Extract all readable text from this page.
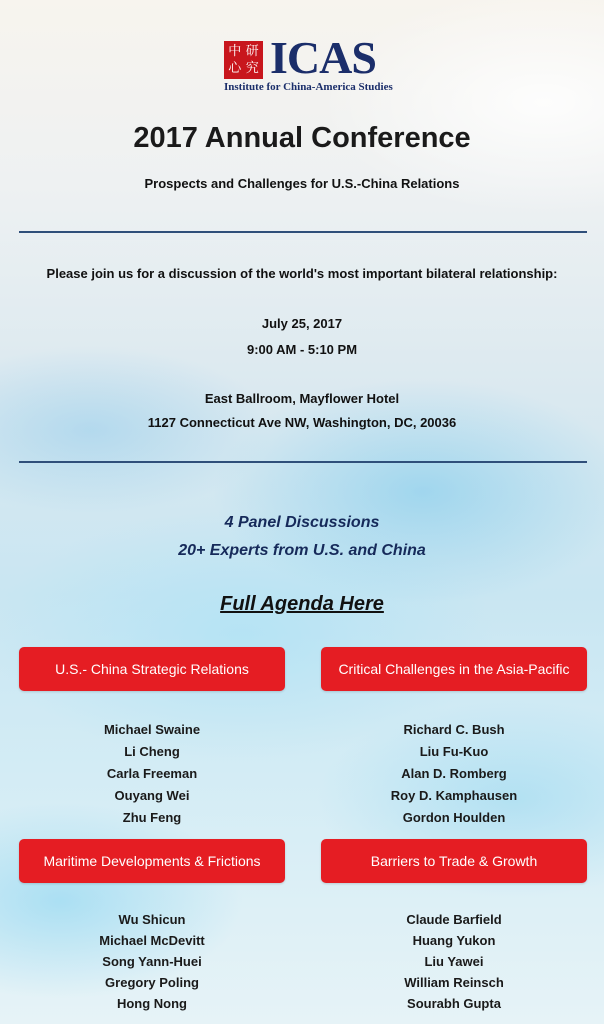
中 研
心 究 ICAS
Institute for China-America Studies
2017 Annual Conference
Prospects and Challenges for U.S.-China Relations
Please join us for a discussion of the world's most important bilateral relationship:
July 25, 2017
9:00 AM - 5:10 PM
East Ballroom, Mayflower Hotel
1127 Connecticut Ave NW, Washington, DC, 20036
4 Panel Discussions
20+ Experts from U.S. and China
Full Agenda Here
U.S.- China Strategic Relations
Michael Swaine
Li Cheng
Carla Freeman
Ouyang Wei
Zhu Feng
Critical Challenges in the Asia-Pacific
Richard C. Bush
Liu Fu-Kuo
Alan D. Romberg
Roy D. Kamphausen
Gordon Houlden
Maritime Developments & Frictions
Wu Shicun
Michael McDevitt
Song Yann-Huei
Gregory Poling
Hong Nong
Barriers to Trade & Growth
Claude Barfield
Huang Yukon
Liu Yawei
William Reinsch
Sourabh Gupta
